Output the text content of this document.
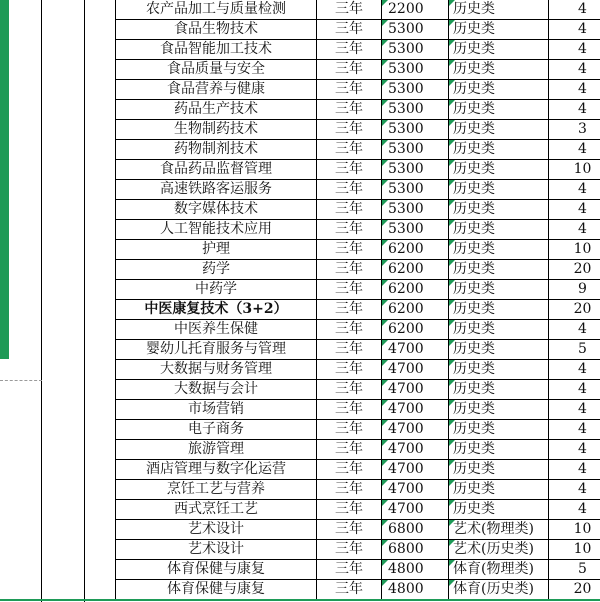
农产品加工与质量检测	三年	2200	历史类	4
食品生物技术	三年	5300	历史类	4
食品智能加工技术	三年	5300	历史类	4
食品质量与安全	三年	5300	历史类	4
食品营养与健康	三年	5300	历史类	4
药品生产技术	三年	5300	历史类	4
生物制药技术	三年	5300	历史类	3
药物制剂技术	三年	5300	历史类	4
食品药品监督管理	三年	5300	历史类	10
高速铁路客运服务	三年	5300	历史类	4
数字媒体技术	三年	5300	历史类	4
人工智能技术应用	三年	5300	历史类	4
护理	三年	6200	历史类	10
药学	三年	6200	历史类	20
中药学	三年	6200	历史类	9
中医康复技术（3+2）	三年	6200	历史类	20
中医养生保健	三年	6200	历史类	4
婴幼儿托育服务与管理	三年	4700	历史类	5
大数据与财务管理	三年	4700	历史类	4
大数据与会计	三年	4700	历史类	4
市场营销	三年	4700	历史类	4
电子商务	三年	4700	历史类	4
旅游管理	三年	4700	历史类	4
酒店管理与数字化运营	三年	4700	历史类	4
烹饪工艺与营养	三年	4700	历史类	4
西式烹饪工艺	三年	4700	历史类	4
艺术设计	三年	6800	艺术(物理类)	10
艺术设计	三年	6800	艺术(历史类)	10
体育保健与康复	三年	4800	体育(物理类)	5
体育保健与康复	三年	4800	体育(历史类)	20
